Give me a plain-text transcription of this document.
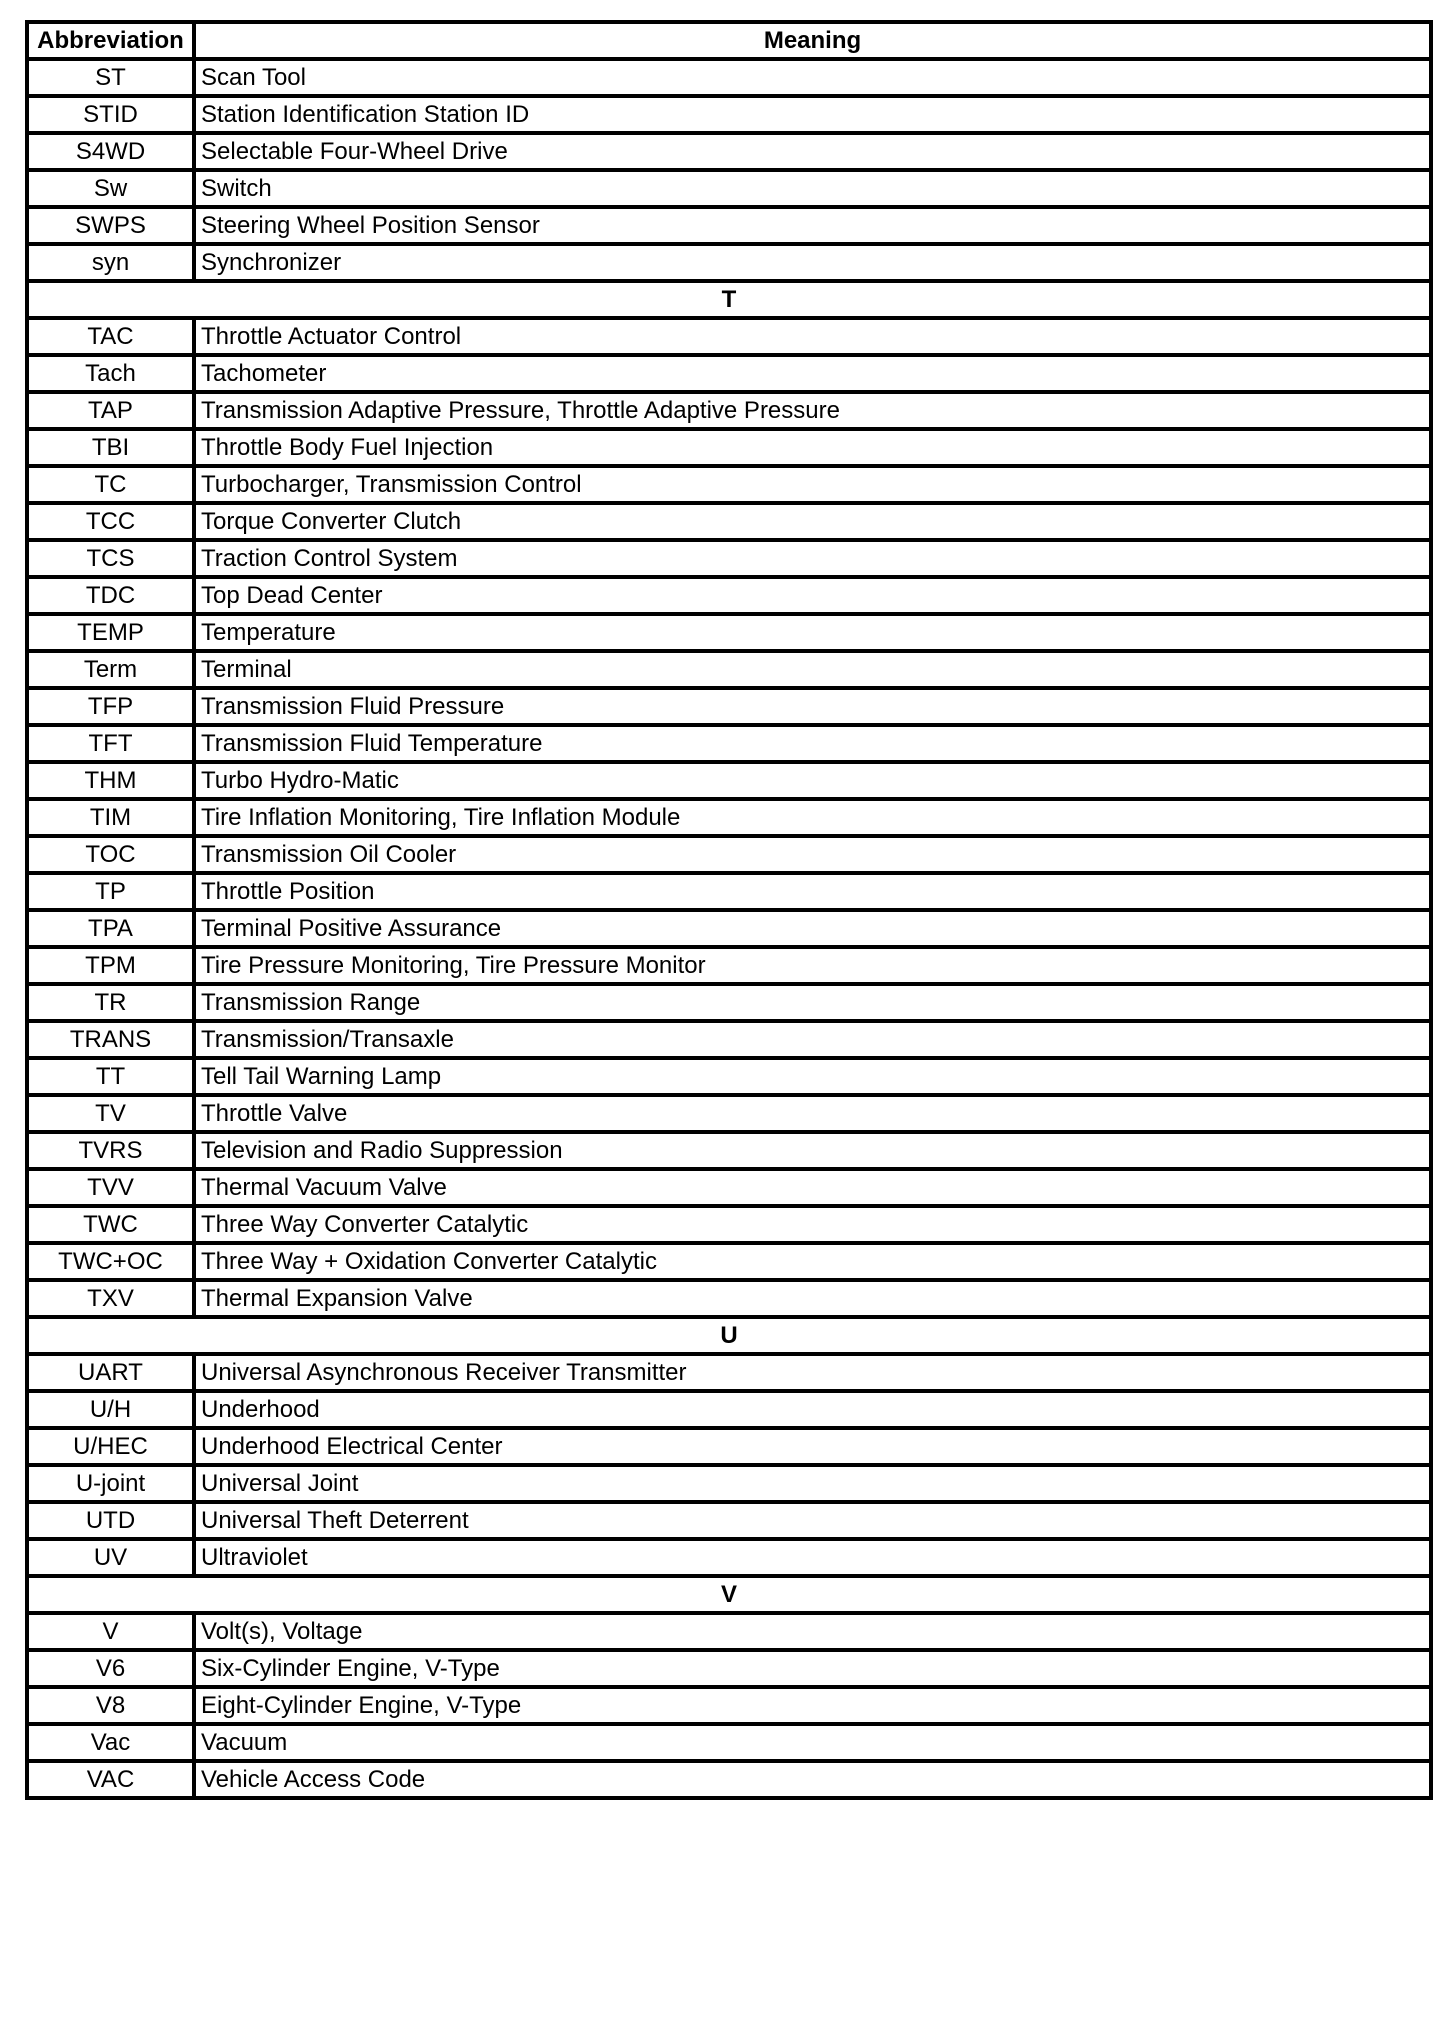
Abbreviation	Meaning
ST	Scan Tool
STID	Station Identification Station ID
S4WD	Selectable Four-Wheel Drive
Sw	Switch
SWPS	Steering Wheel Position Sensor
syn	Synchronizer
T	
TAC	Throttle Actuator Control
Tach	Tachometer
TAP	Transmission Adaptive Pressure, Throttle Adaptive Pressure
TBI	Throttle Body Fuel Injection
TC	Turbocharger, Transmission Control
TCC	Torque Converter Clutch
TCS	Traction Control System
TDC	Top Dead Center
TEMP	Temperature
Term	Terminal
TFP	Transmission Fluid Pressure
TFT	Transmission Fluid Temperature
THM	Turbo Hydro-Matic
TIM	Tire Inflation Monitoring, Tire Inflation Module
TOC	Transmission Oil Cooler
TP	Throttle Position
TPA	Terminal Positive Assurance
TPM	Tire Pressure Monitoring, Tire Pressure Monitor
TR	Transmission Range
TRANS	Transmission/Transaxle
TT	Tell Tail Warning Lamp
TV	Throttle Valve
TVRS	Television and Radio Suppression
TVV	Thermal Vacuum Valve
TWC	Three Way Converter Catalytic
TWC+OC	Three Way + Oxidation Converter Catalytic
TXV	Thermal Expansion Valve
U	
UART	Universal Asynchronous Receiver Transmitter
U/H	Underhood
U/HEC	Underhood Electrical Center
U-joint	Universal Joint
UTD	Universal Theft Deterrent
UV	Ultraviolet
V	
V	Volt(s), Voltage
V6	Six-Cylinder Engine, V-Type
V8	Eight-Cylinder Engine, V-Type
Vac	Vacuum
VAC	Vehicle Access Code
